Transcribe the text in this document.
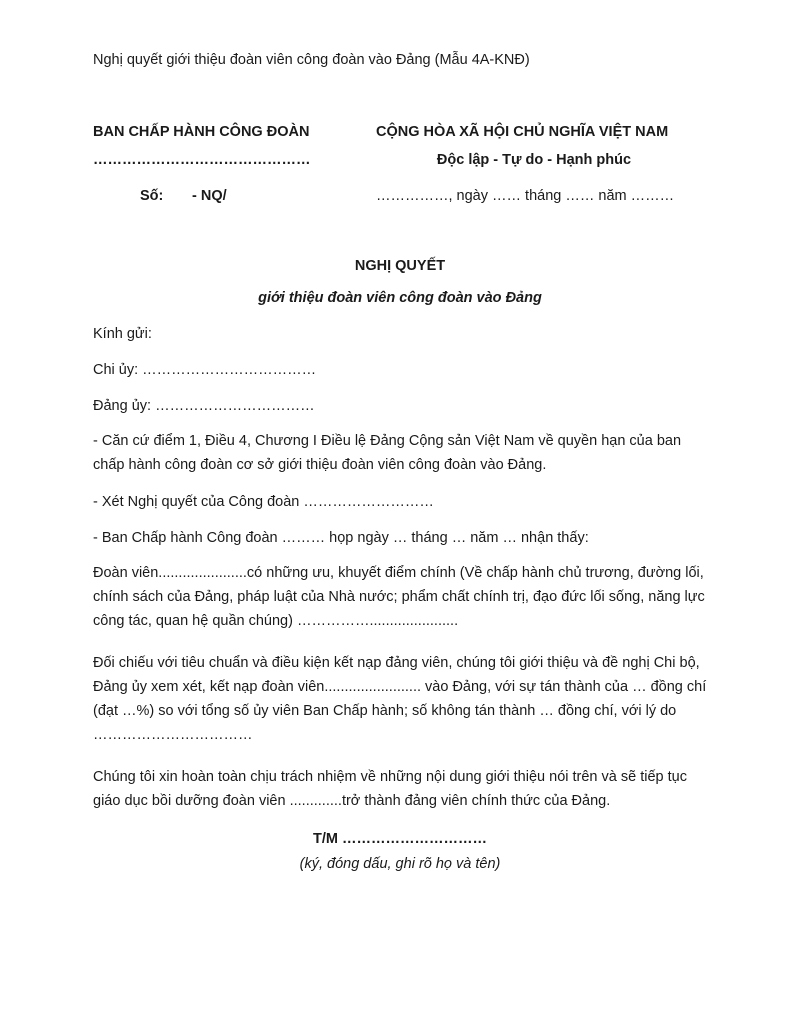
Nghị quyết giới thiệu đoàn viên công đoàn vào Đảng (Mẫu 4A-KNĐ)
BAN CHẤP HÀNH CÔNG ĐOÀN
………………………………………
Số: - NQ/
CỘNG HÒA XÃ HỘI CHỦ NGHĨA VIỆT NAM
Độc lập - Tự do - Hạnh phúc
……………, ngày …… tháng …… năm ………
NGHỊ QUYẾT
giới thiệu đoàn viên công đoàn vào Đảng
Kính gửi:
Chi ủy: ………………………………
Đảng ủy: ……………………………
- Căn cứ điểm 1, Điều 4, Chương I Điều lệ Đảng Cộng sản Việt Nam về quyền hạn của ban chấp hành công đoàn cơ sở giới thiệu đoàn viên công đoàn vào Đảng.
- Xét Nghị quyết của Công đoàn ………………………
- Ban Chấp hành Công đoàn ……… họp ngày … tháng … năm … nhận thấy:
Đoàn viên......................có những ưu, khuyết điểm chính (Về chấp hành chủ trương, đường lối, chính sách của Đảng, pháp luật của Nhà nước; phẩm chất chính trị, đạo đức lối sống, năng lực công tác, quan hệ quần chúng) ……………......................
Đối chiếu với tiêu chuẩn và điều kiện kết nạp đảng viên, chúng tôi giới thiệu và đề nghị Chi bộ, Đảng ủy xem xét, kết nạp đoàn viên........................ vào Đảng, với sự tán thành của … đồng chí (đạt …%) so với tổng số ủy viên Ban Chấp hành; số không tán thành … đồng chí, với lý do ……………………………
Chúng tôi xin hoàn toàn chịu trách nhiệm về những nội dung giới thiệu nói trên và sẽ tiếp tục giáo dục bồi dưỡng đoàn viên .............trở thành đảng viên chính thức của Đảng.
T/M …………………………
(ký, đóng dấu, ghi rõ họ và tên)
